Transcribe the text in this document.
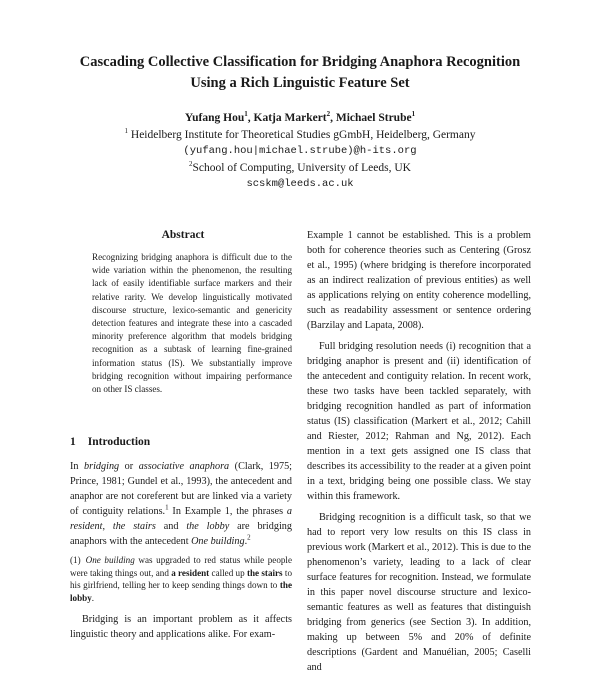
Cascading Collective Classification for Bridging Anaphora Recognition
Using a Rich Linguistic Feature Set
Yufang Hou$^1$, Katja Markert$^2$, Michael Strube$^1$
$^1$ Heidelberg Institute for Theoretical Studies gGmbH, Heidelberg, Germany
(yufang.hou|michael.strube)@h-its.org
$^2$School of Computing, University of Leeds, UK
scskm@leeds.ac.uk
Abstract
Recognizing bridging anaphora is difficult due to the wide variation within the phenomenon, the resulting lack of easily identifiable surface markers and their relative rarity. We develop linguistically motivated discourse structure, lexico-semantic and genericity detection features and integrate these into a cascaded minority preference algorithm that models bridging recognition as a subtask of learning fine-grained information status (IS). We substantially improve bridging recognition without impairing performance on other IS classes.
1 Introduction

In bridging or associative anaphora (Clark, 1975; Prince, 1981; Gundel et al., 1993), the antecedent and anaphor are not coreferent but are linked via a variety of contiguity relations.$^1$ In Example 1, the phrases a resident, the stairs and the lobby are bridging anaphors with the antecedent One building.$^2$

(1) One building was upgraded to red status while people were taking things out, and a resident called up the stairs to his girlfriend, telling her to keep sending things down to the lobby.

Bridging is an important problem as it affects linguistic theory and applications alike. For exam-

Example 1 cannot be established. This is a problem both for coherence theories such as Centering (Grosz et al., 1995) (where bridging is therefore incorporated as an indirect realization of previous entities) as well as applications relying on entity coherence modelling, such as readability assessment or sentence ordering (Barzilay and Lapata, 2008).

Full bridging resolution needs (i) recognition that a bridging anaphor is present and (ii) identification of the antecedent and contiguity relation. In recent work, these two tasks have been tackled separately, with bridging recognition handled as part of information status (IS) classification (Markert et al., 2012; Cahill and Riester, 2012; Rahman and Ng, 2012). Each mention in a text gets assigned one IS class that describes its accessibility to the reader at a given point in a text, bridging being one possible class. We stay within this framework.

Bridging recognition is a difficult task, so that we had to report very low results on this IS class in previous work (Markert et al., 2012). This is due to the phenomenon’s variety, leading to a lack of clear surface features for recognition. Instead, we formulate in this paper novel discourse structure and lexico-semantic features as well as features that distinguish bridging from generics (see Section 3). In addition, making up between 5% and 20% of definite descriptions (Gardent and Manuélian, 2005; Caselli and
